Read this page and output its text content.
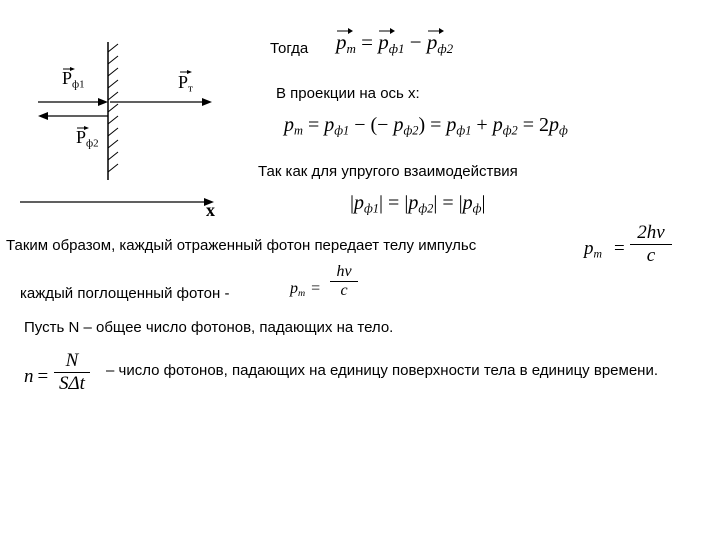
$P_{ф1}$
$P_{ф2}$
$P_т$
x
Тогда $p_m$ =
$p_{ф1}$ −
$p_{ф2}$
В проекции на ось x:
$p_m = p_{ф1}$ − (− $p_{ф2}) = p_{ф1} + p_{ф2} = 2p_ф$
Так как для упругого взаимодействия
$|p_{ф1}| = |p_{ф2}| = |p_ф|$
Таким образом, каждый отраженный фотон передает телу импульс	$p_m$ =
2hν
c
каждый поглощенный фотон -	$p_m$ =
hν
c
Пусть N – общее число фотонов, падающих на тело.
n =
N
SΔt
– число фотонов, падающих на единицу поверхности тела в единицу времени.
